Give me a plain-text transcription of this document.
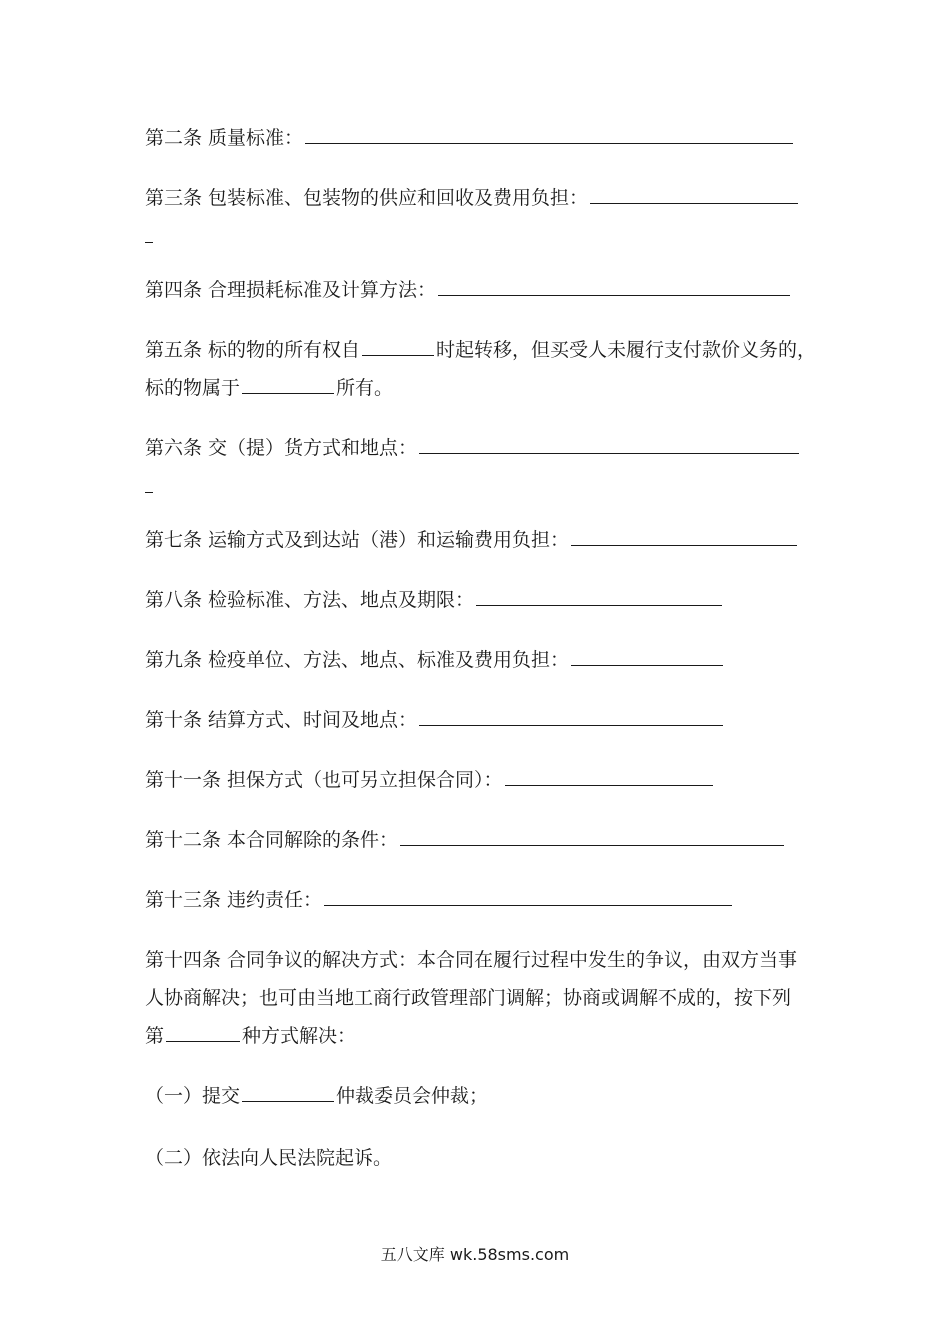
第二条 质量标准：
第三条 包装标准、包装物的供应和回收及费用负担：
第四条 合理损耗标准及计算方法：
第五条 标的物的所有权自	时起转移，但买受人未履行支付款价义务的，
标的物属于	所有。
第六条 交（提）货方式和地点：
第七条 运输方式及到达站（港）和运输费用负担：
第八条 检验标准、方法、地点及期限：
第九条 检疫单位、方法、地点、标准及费用负担：
第十条 结算方式、时间及地点：
第十一条 担保方式（也可另立担保合同）：
第十二条 本合同解除的条件：
第十三条 违约责任：
第十四条 合同争议的解决方式：本合同在履行过程中发生的争议，由双方当事
人协商解决；也可由当地工商行政管理部门调解；协商或调解不成的，按下列
第	种方式解决：
（一）提交	仲裁委员会仲裁；
（二）依法向人民法院起诉。
五八文库 wk.58sms.com
